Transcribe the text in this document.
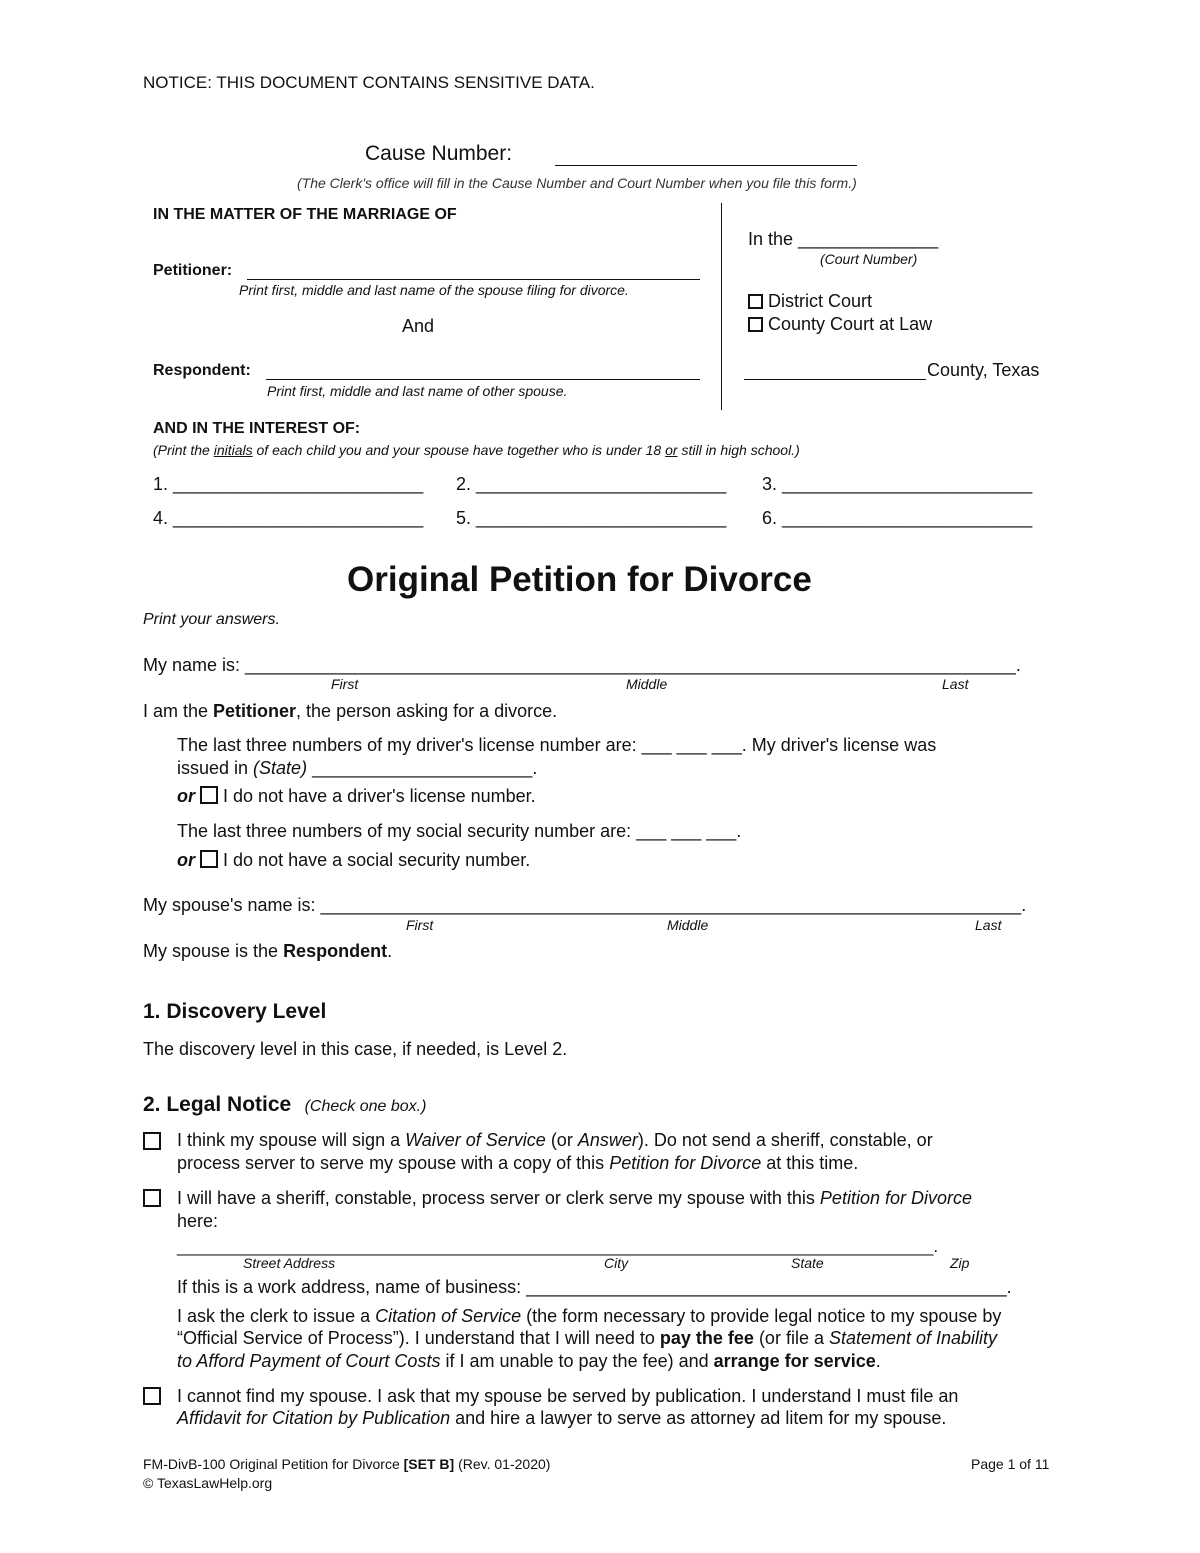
NOTICE: THIS DOCUMENT CONTAINS SENSITIVE DATA.
Cause Number:
(The Clerk's office will fill in the Cause Number and Court Number when you file this form.)
IN THE MATTER OF THE MARRIAGE OF
Petitioner:
Print first, middle and last name of the spouse filing for divorce.
And
Respondent:
Print first, middle and last name of other spouse.
In the ______________
(Court Number)
District Court
County Court at Law
County, Texas
AND IN THE INTEREST OF:
(Print the initials of each child you and your spouse have together who is under 18 or still in high school.)
1. _________________________ 2. _________________________ 3. _________________________
4. _________________________ 5. _________________________ 6. _________________________
Original Petition for Divorce
Print your answers.
My name is: _____________________________________________________________________________.
First	Middle	Last
I am the Petitioner, the person asking for a divorce.
The last three numbers of my driver's license number are: ___ ___ ___. My driver's license was
issued in (State) ______________________.
or I do not have a driver's license number.
The last three numbers of my social security number are: ___ ___ ___.
or I do not have a social security number.
My spouse's name is: ______________________________________________________________________.
First	Middle	Last
My spouse is the Respondent.
1. Discovery Level
The discovery level in this case, if needed, is Level 2.
2. Legal Notice (Check one box.)
I think my spouse will sign a Waiver of Service (or Answer). Do not send a sheriff, constable, or
process server to serve my spouse with a copy of this Petition for Divorce at this time.
I will have a sheriff, constable, process server or clerk serve my spouse with this Petition for Divorce
here:
________________________________________________________________________________.
Street Address	City	State	Zip
If this is a work address, name of business: ________________________________________________.
I ask the clerk to issue a Citation of Service (the form necessary to provide legal notice to my spouse by
“Official Service of Process”). I understand that I will need to pay the fee (or file a Statement of Inability
to Afford Payment of Court Costs if I am unable to pay the fee) and arrange for service.
I cannot find my spouse. I ask that my spouse be served by publication. I understand I must file an
Affidavit for Citation by Publication and hire a lawyer to serve as attorney ad litem for my spouse.
FM-DivB-100 Original Petition for Divorce [SET B] (Rev. 01-2020)
© TexasLawHelp.org
Page 1 of 11
